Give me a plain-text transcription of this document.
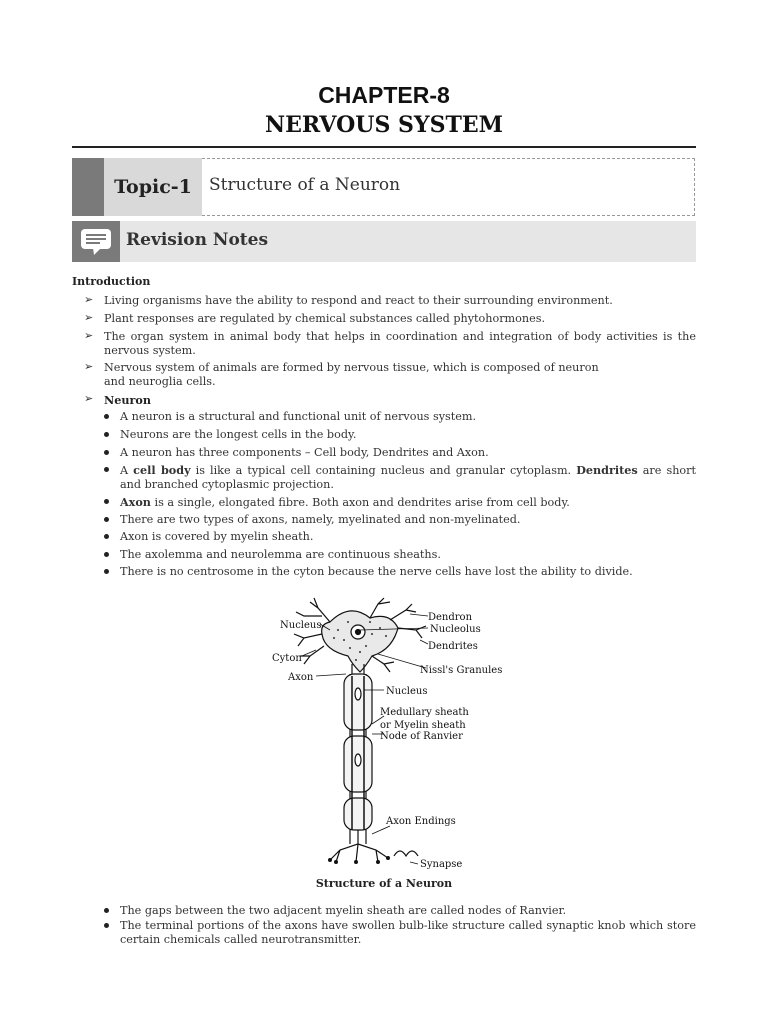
CHAPTER-8
NERVOUS SYSTEM
Topic-1	Structure of a Neuron
Revision Notes
Introduction
➢ Living organisms have the ability to respond and react to their surrounding environment.
➢ Plant responses are regulated by chemical substances called phytohormones.
➢ The organ system in animal body that helps in coordination and integration of body activities is the nervous system.
➢ Nervous system of animals are formed by nervous tissue, which is composed of neuron
and neuroglia cells.
➢ Neuron
A neuron is a structural and functional unit of nervous system.
Neurons are the longest cells in the body.
A neuron has three components – Cell body, Dendrites and Axon.
A cell body is like a typical cell containing nucleus and granular cytoplasm. Dendrites are short and branched cytoplasmic projection.
Axon is a single, elongated fibre. Both axon and dendrites arise from cell body.
There are two types of axons, namely, myelinated and non-myelinated.
Axon is covered by myelin sheath.
The axolemma and neurolemma are continuous sheaths.
There is no centrosome in the cyton because the nerve cells have lost the ability to divide.
Dendron
Nucleus	Nucleolus
Dendrites
Cyton
Nissl's Granules
Axon
Nucleus
Medullary sheath
or Myelin sheath
Node of Ranvier
Axon Endings
Synapse
Structure of a Neuron
The gaps between the two adjacent myelin sheath are called nodes of Ranvier.
The terminal portions of the axons have swollen bulb-like structure called synaptic knob which store certain chemicals called neurotransmitter.
